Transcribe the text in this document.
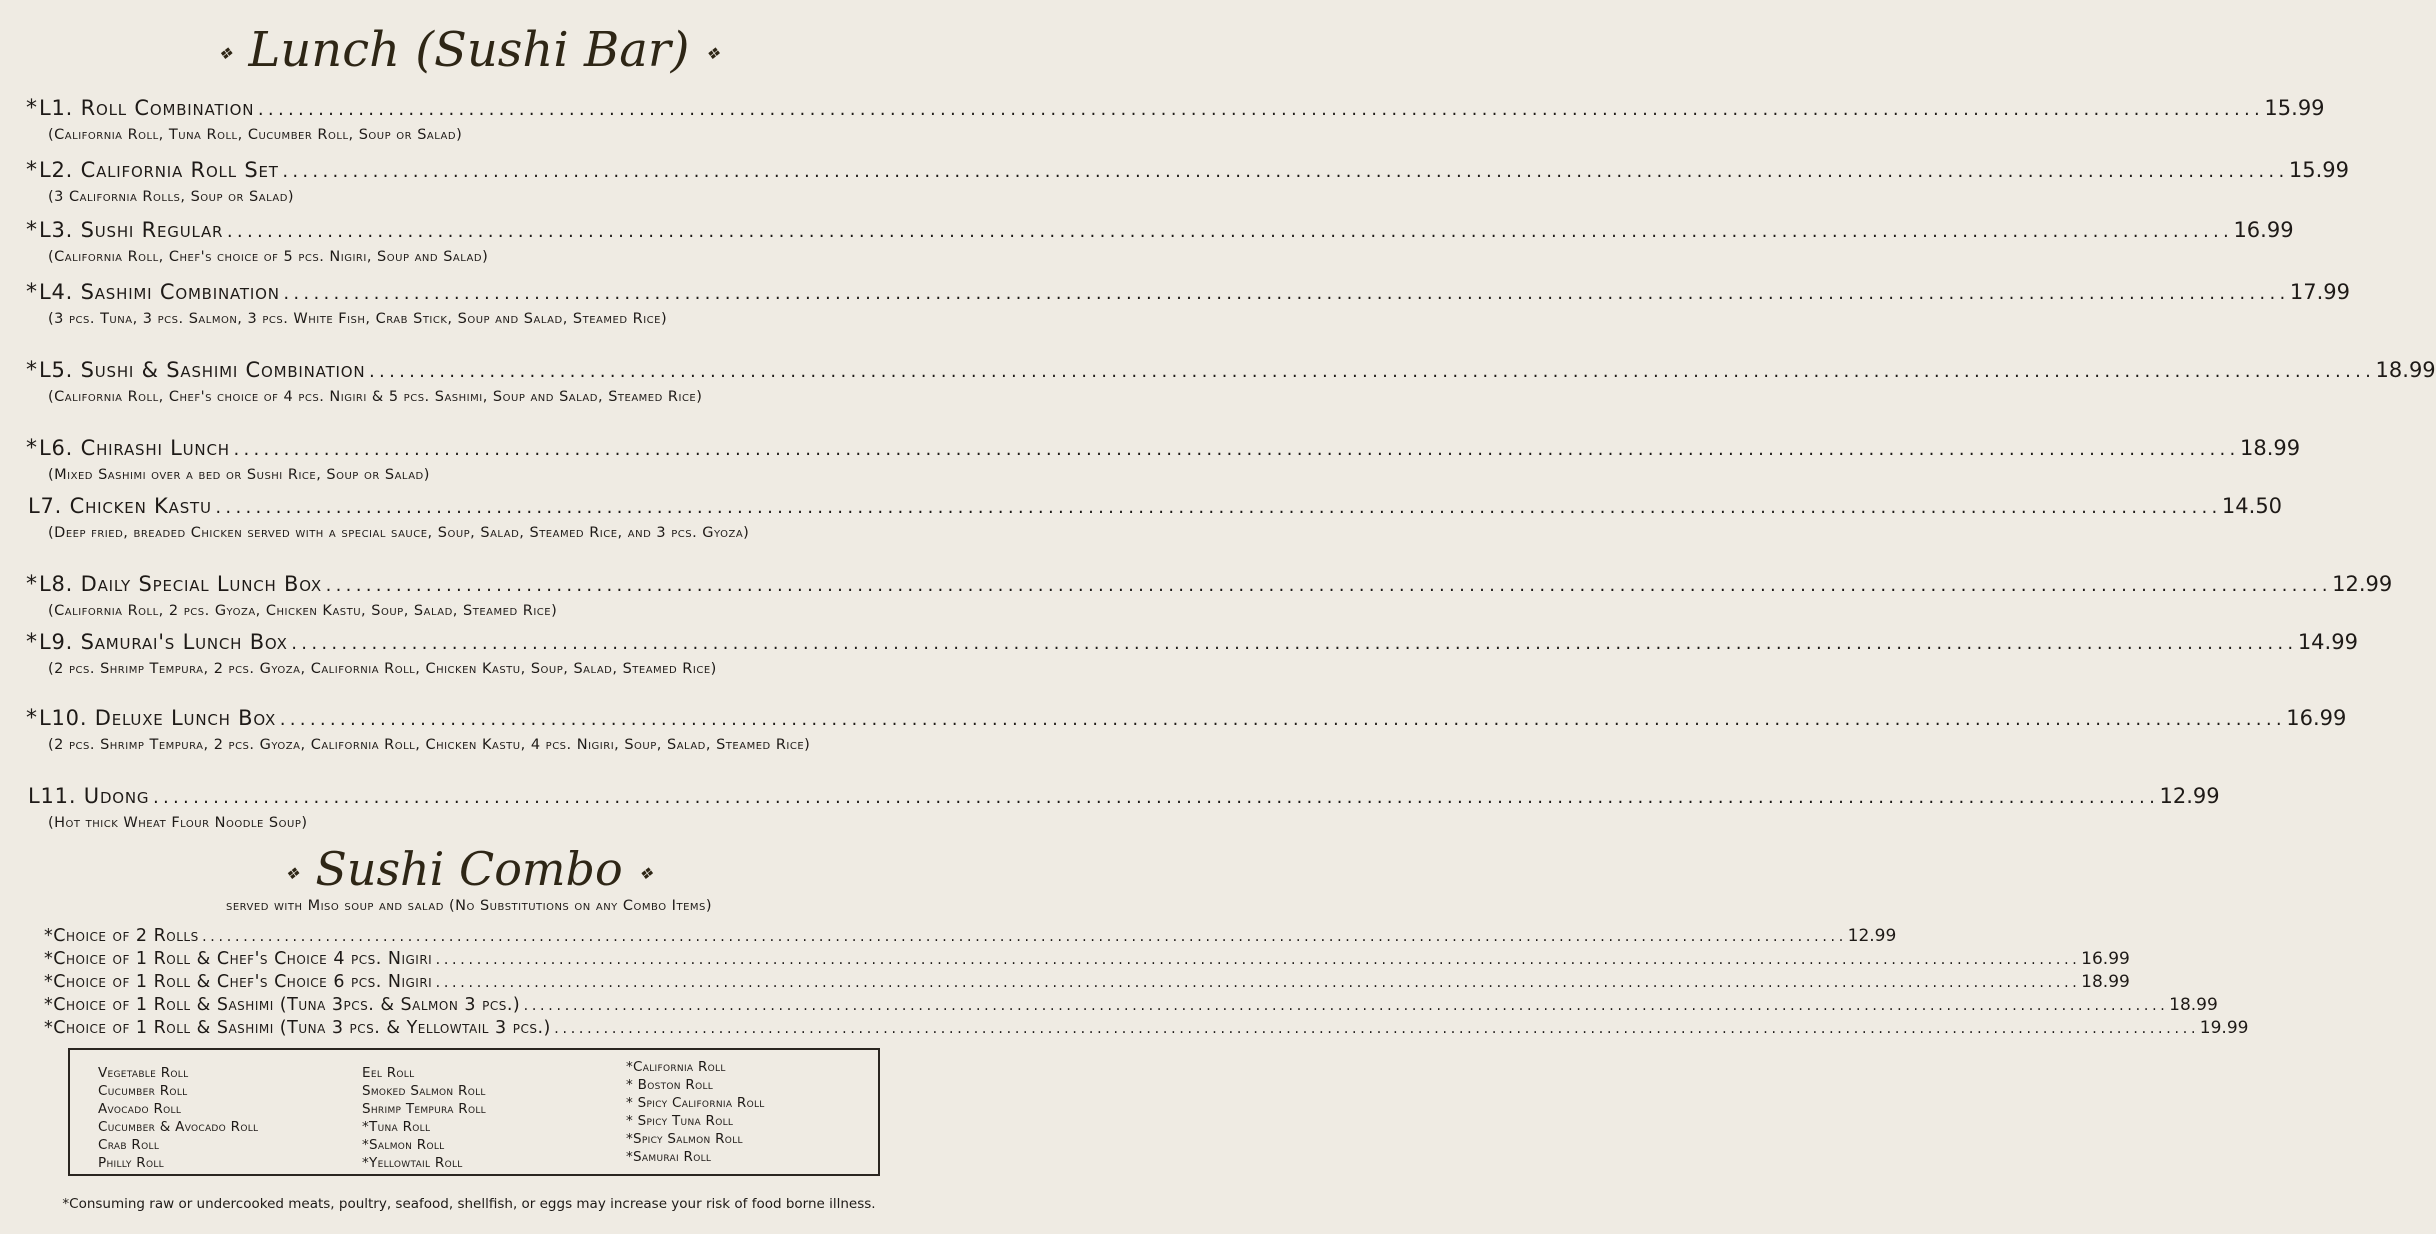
❖ Lunch (Sushi Bar) ❖
* L1. Roll Combination ........................................................................................................................................................................................................ 15.99
(California Roll, Tuna Roll, Cucumber Roll, Soup or Salad)
* L2. California Roll Set ........................................................................................................................................................................................................ 15.99
(3 California Rolls, Soup or Salad)
* L3. Sushi Regular ........................................................................................................................................................................................................ 16.99
(California Roll, Chef's choice of 5 pcs. Nigiri, Soup and Salad)
* L4. Sashimi Combination ........................................................................................................................................................................................................ 17.99
(3 pcs. Tuna, 3 pcs. Salmon, 3 pcs. White Fish, Crab Stick, Soup and Salad, Steamed Rice)
* L5. Sushi & Sashimi Combination ........................................................................................................................................................................................................ 18.99
(California Roll, Chef's choice of 4 pcs. Nigiri & 5 pcs. Sashimi, Soup and Salad, Steamed Rice)
* L6. Chirashi Lunch ........................................................................................................................................................................................................ 18.99
(Mixed Sashimi over a bed or Sushi Rice, Soup or Salad)
L7. Chicken Kastu ........................................................................................................................................................................................................ 14.50
(Deep fried, breaded Chicken served with a special sauce, Soup, Salad, Steamed Rice, and 3 pcs. Gyoza)
* L8. Daily Special Lunch Box ........................................................................................................................................................................................................ 12.99
(California Roll, 2 pcs. Gyoza, Chicken Kastu, Soup, Salad, Steamed Rice)
* L9. Samurai's Lunch Box ........................................................................................................................................................................................................ 14.99
(2 pcs. Shrimp Tempura, 2 pcs. Gyoza, California Roll, Chicken Kastu, Soup, Salad, Steamed Rice)
* L10. Deluxe Lunch Box ........................................................................................................................................................................................................ 16.99
(2 pcs. Shrimp Tempura, 2 pcs. Gyoza, California Roll, Chicken Kastu, 4 pcs. Nigiri, Soup, Salad, Steamed Rice)
L11. Udong ........................................................................................................................................................................................................ 12.99
(Hot thick Wheat Flour Noodle Soup)
❖ Sushi Combo ❖
served with Miso soup and salad (No Substitutions on any Combo Items)
*Choice of 2 Rolls ........................................................................................................................................................................................................ 12.99
*Choice of 1 Roll & Chef's Choice 4 pcs. Nigiri ........................................................................................................................................................................................................ 16.99
*Choice of 1 Roll & Chef's Choice 6 pcs. Nigiri ........................................................................................................................................................................................................ 18.99
*Choice of 1 Roll & Sashimi (Tuna 3pcs. & Salmon 3 pcs.) ........................................................................................................................................................................................................ 18.99
*Choice of 1 Roll & Sashimi (Tuna 3 pcs. & Yellowtail 3 pcs.) ........................................................................................................................................................................................................ 19.99
Vegetable Roll
Cucumber Roll
Avocado Roll
Cucumber & Avocado Roll
Crab Roll
Philly Roll
Eel Roll
Smoked Salmon Roll
Shrimp Tempura Roll
*Tuna Roll
*Salmon Roll
*Yellowtail Roll
*California Roll
* Boston Roll
* Spicy California Roll
* Spicy Tuna Roll
*Spicy Salmon Roll
*Samurai Roll
*Consuming raw or undercooked meats, poultry, seafood, shellfish, or eggs may increase your risk of food borne illness.
